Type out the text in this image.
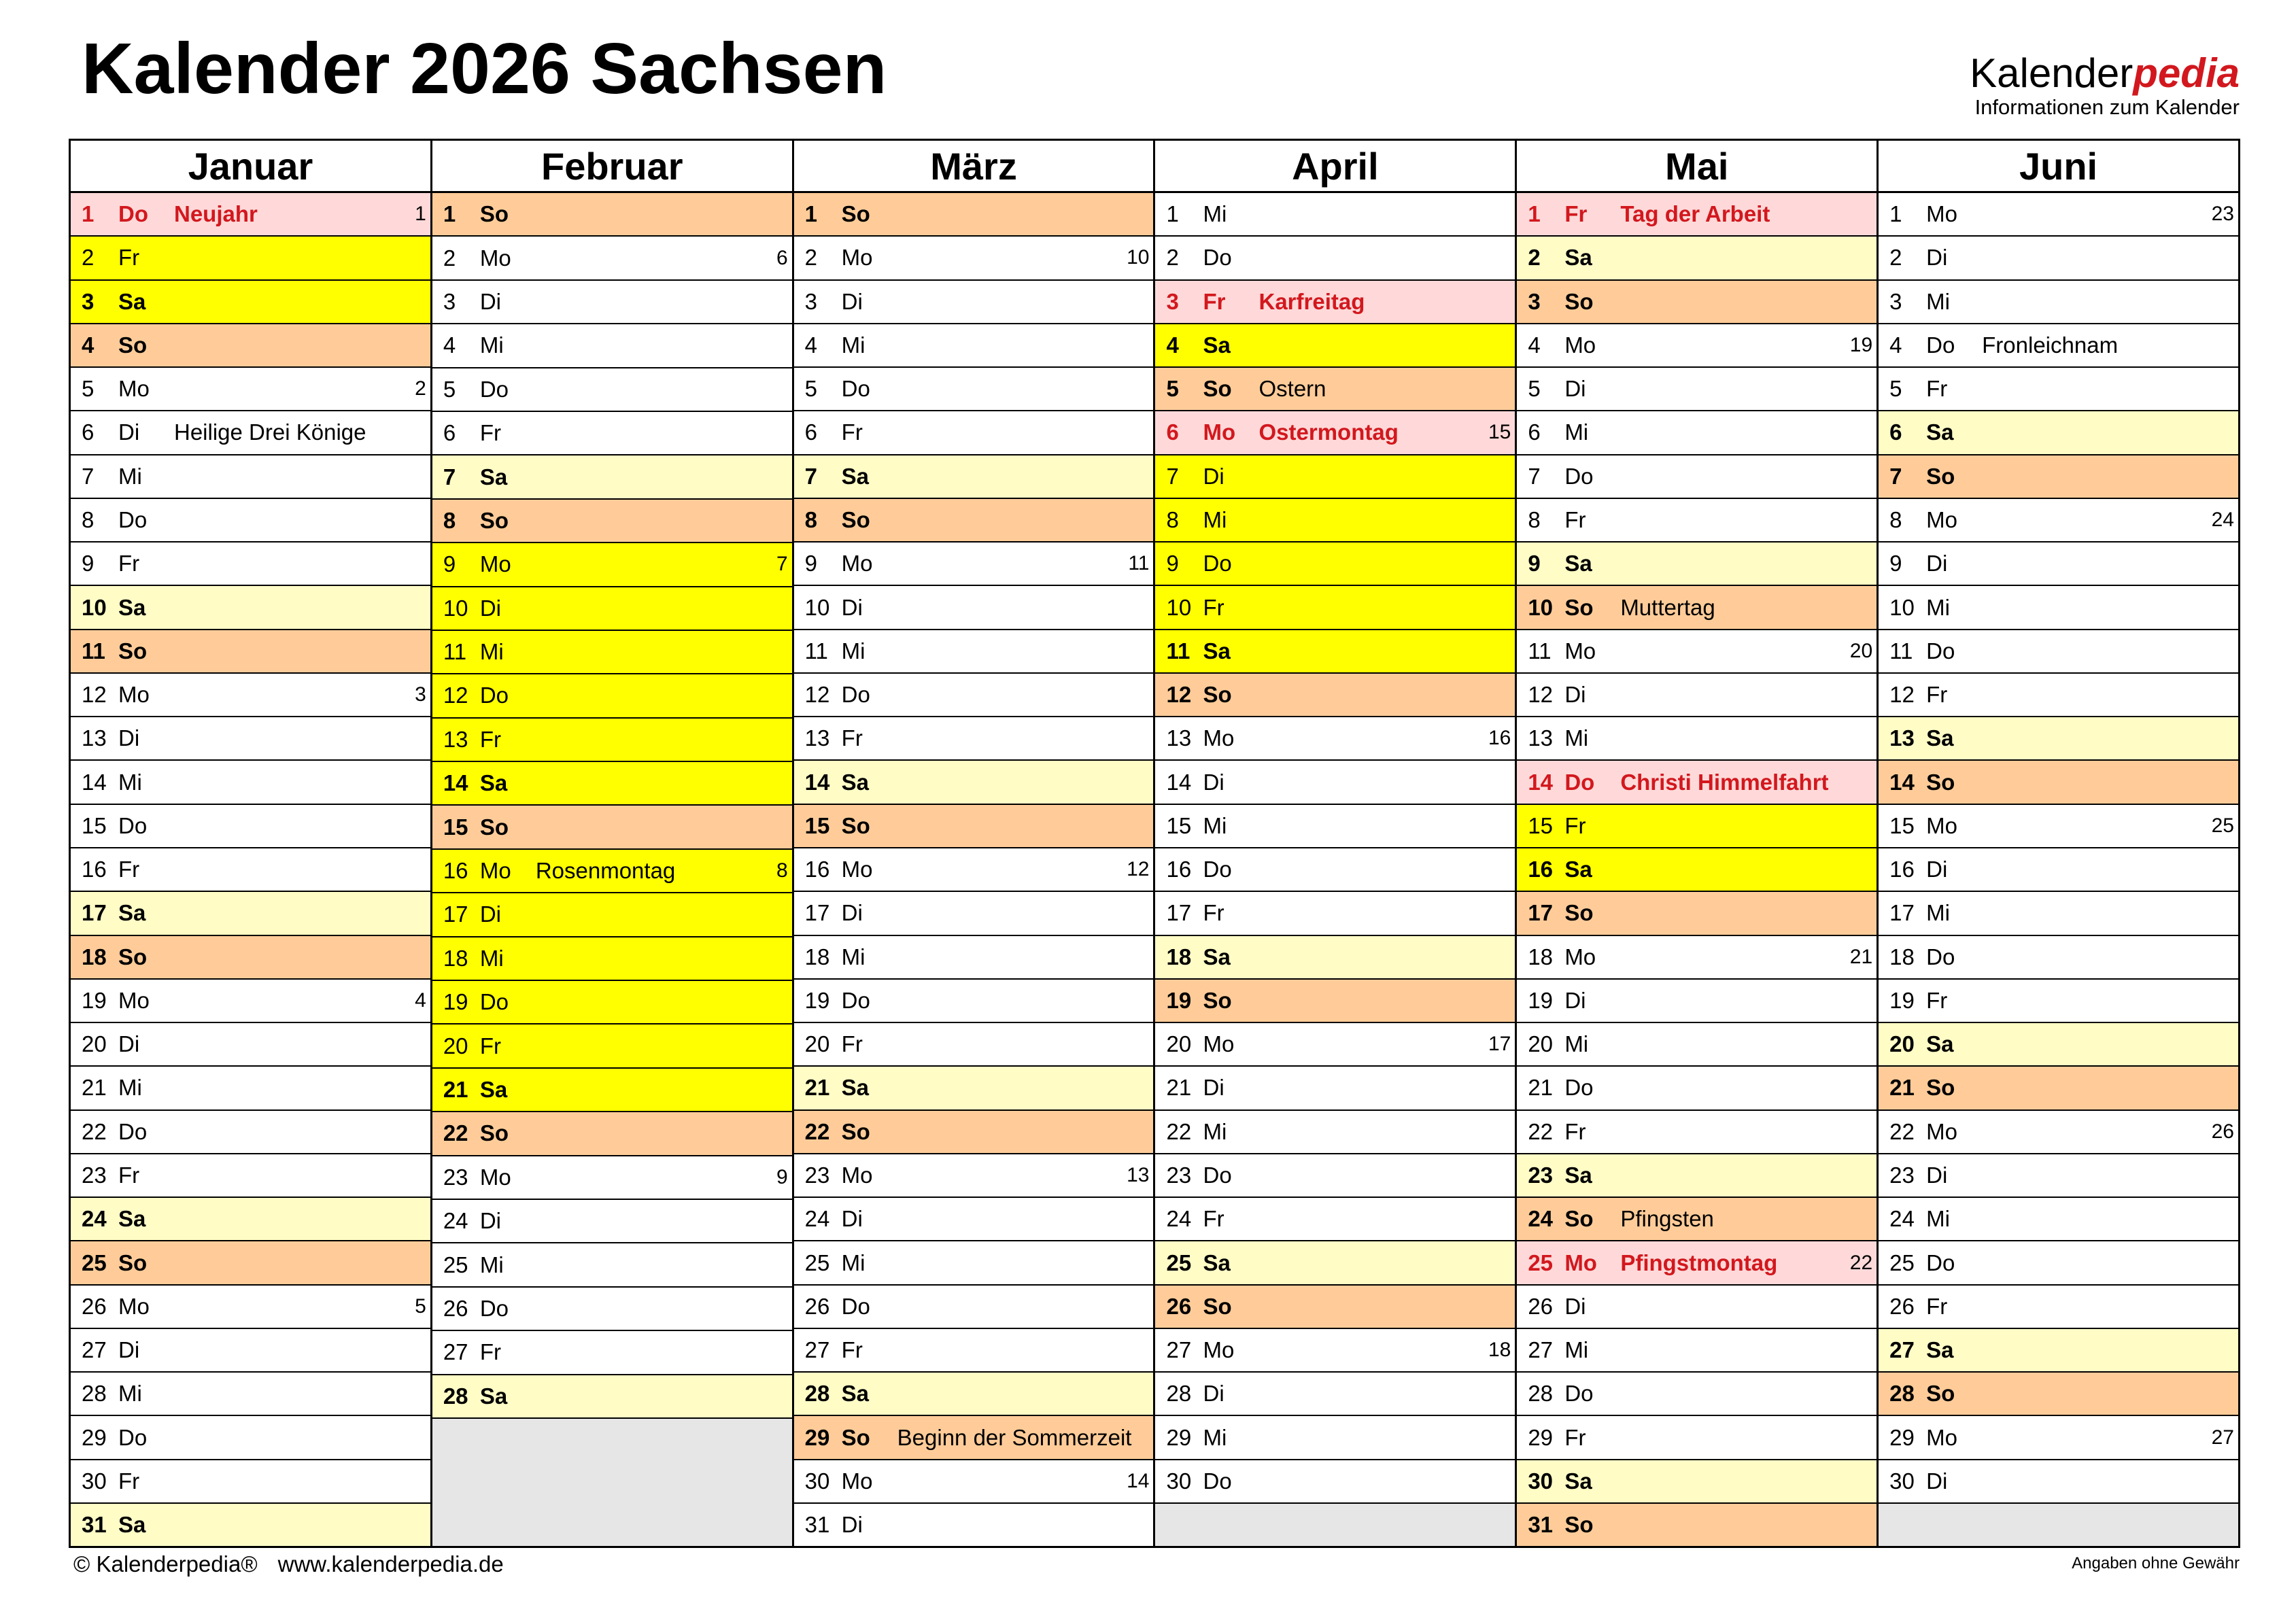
Kalender 2026 Sachsen	Kalenderpedia
Informationen zum Kalender
Januar
1	Do	Neujahr	1
2	Fr
3	Sa
4	So
5	Mo	2
6	Di	Heilige Drei Könige
7	Mi
8	Do
9	Fr
10 Sa
11 So
12 Mo	3
13 Di
14 Mi
15 Do
16 Fr
17 Sa
18 So
19 Mo	4
20 Di
21 Mi
22 Do
23 Fr
24 Sa
25 So
26 Mo	5
27 Di
28 Mi
29 Do
30 Fr
31 Sa
Februar
1	So
2	Mo	6
3	Di
4	Mi
5	Do
6	Fr
7	Sa
8	So
9	Mo	7
10 Di
11 Mi
12 Do
13 Fr
14 Sa
15 So
16 Mo	Rosenmontag	8
17 Di
18 Mi
19 Do
20 Fr
21 Sa
22 So
23 Mo	9
24 Di
25 Mi
26 Do
27 Fr
28 Sa
März
1	So
2	Mo	10
3	Di
4	Mi
5	Do
6	Fr
7	Sa
8	So
9	Mo	11
10 Di
11 Mi
12 Do
13 Fr
14 Sa
15 So
16 Mo	12
17 Di
18 Mi
19 Do
20 Fr
21 Sa
22 So
23 Mo	13
24 Di
25 Mi
26 Do
27 Fr
28 Sa
29 So	Beginn der Sommerzeit
30 Mo	14
31 Di
April
1	Mi
2	Do
3	Fr	Karfreitag
4	Sa
5	So	Ostern
6	Mo	Ostermontag	15
7	Di
8	Mi
9	Do
10 Fr
11 Sa
12 So
13 Mo	16
14 Di
15 Mi
16 Do
17 Fr
18 Sa
19 So
20 Mo	17
21 Di
22 Mi
23 Do
24 Fr
25 Sa
26 So
27 Mo	18
28 Di
29 Mi
30 Do
Mai
1	Fr	Tag der Arbeit
2	Sa
3	So
4	Mo	19
5	Di
6	Mi
7	Do
8	Fr
9	Sa
10 So	Muttertag
11 Mo	20
12 Di
13 Mi
14 Do	Christi Himmelfahrt
15 Fr
16 Sa
17 So
18 Mo	21
19 Di
20 Mi
21 Do
22 Fr
23 Sa
24 So	Pfingsten
25 Mo	Pfingstmontag	22
26 Di
27 Mi
28 Do
29 Fr
30 Sa
31 So
Juni
1	Mo	23
2	Di
3	Mi
4	Do	Fronleichnam
5	Fr
6	Sa
7	So
8	Mo	24
9	Di
10 Mi
11 Do
12 Fr
13 Sa
14 So
15 Mo	25
16 Di
17 Mi
18 Do
19 Fr
20 Sa
21 So
22 Mo	26
23 Di
24 Mi
25 Do
26 Fr
27 Sa
28 So
29 Mo	27
30 Di
© Kalenderpedia® www.kalenderpedia.de	Angaben ohne Gewähr
